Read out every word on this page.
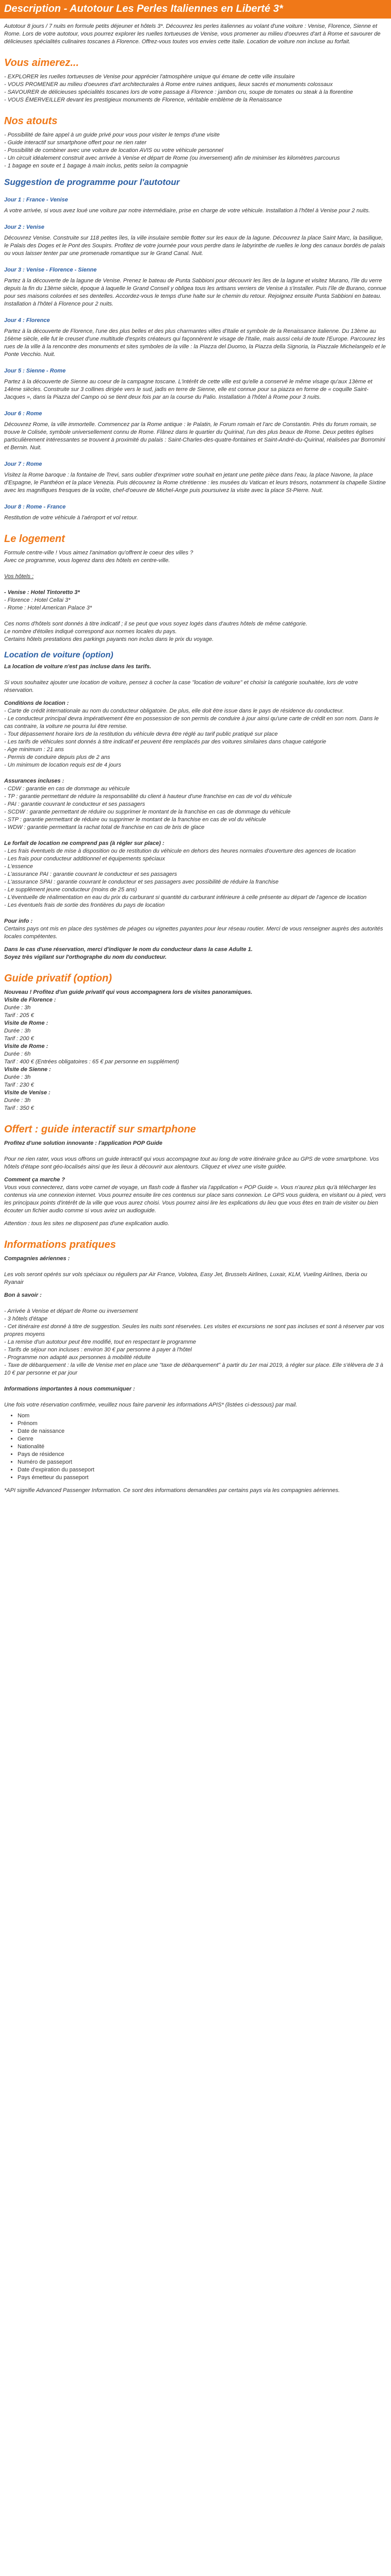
Description - Autotour Les Perles Italiennes en Liberté 3*

Autotour 8 jours / 7 nuits en formule petits déjeuner et hôtels 3*. Découvrez les perles italiennes au volant d'une voiture : Venise, Florence, Sienne et Rome. Lors de votre autotour, vous pourrez explorer les ruelles tortueuses de Venise, vous promener au milieu d'oeuvres d'art à Rome et savourer de délicieuses spécialités culinaires toscanes à Florence. Offrez-vous toutes vos envies cette Italie. Location de voiture non incluse au forfait.

Vous aimerez...

- EXPLORER les ruelles tortueuses de Venise pour apprécier l'atmosphère unique qui émane de cette ville insulaire

- VOUS PROMENER au milieu d'oeuvres d'art architecturales à Rome entre ruines antiques, lieux sacrés et monuments colossaux

- SAVOURER de délicieuses spécialités toscanes lors de votre passage à Florence : jambon cru, soupe de tomates ou steak à la florentine

- VOUS ÉMERVEILLER devant les prestigieux monuments de Florence, véritable emblème de la Renaissance

Nos atouts

- Possibilité de faire appel à un guide privé pour vous pour visiter le temps d'une visite

- Guide interactif sur smartphone offert pour ne rien rater

- Possibilité de combiner avec une voiture de location AVIS ou votre véhicule personnel

- Un circuit idéalement construit avec arrivée à Venise et départ de Rome (ou inversement) afin de minimiser les kilomètres parcourus

- 1 bagage en soute et 1 bagage à main inclus, petits selon la compagnie

Suggestion de programme pour l'autotour
Jour 1 : France - Venise

A votre arrivée, si vous avez loué une voiture par notre intermédiaire, prise en charge de votre véhicule. Installation à l'hôtel à Venise pour 2 nuits.

Jour 2 : Venise

Découvrez Venise. Construite sur 118 petites îles, la ville insulaire semble flotter sur les eaux de la lagune. Découvrez la place Saint Marc, la basilique, le Palais des Doges et le Pont des Soupirs. Profitez de votre journée pour vous perdre dans le labyrinthe de ruelles le long des canaux bordés de palais ou vous laisser tenter par une promenade romantique sur le Grand Canal. Nuit.

Jour 3 : Venise - Florence - Sienne

Partez à la découverte de la lagune de Venise. Prenez le bateau de Punta Sabbioni pour découvrir les îles de la lagune et visitez Murano, l'île du verre depuis la fin du 13ème siècle, époque à laquelle le Grand Conseil y obligea tous les artisans verriers de Venise à s'installer. Puis l'île de Burano, connue pour ses maisons colorées et ses dentelles. Accordez-vous le temps d'une halte sur le chemin du retour. Rejoignez ensuite Punta Sabbioni en bateau. Installation à l'hôtel à Florence pour 2 nuits.

Jour 4 : Florence

Partez à la découverte de Florence, l'une des plus belles et des plus charmantes villes d'Italie et symbole de la Renaissance italienne. Du 13ème au 16ème siècle, elle fut le creuset d'une multitude d'esprits créateurs qui façonnèrent le visage de l'Italie, mais aussi celui de toute l'Europe. Parcourez les rues de la ville à la rencontre des monuments et sites symboles de la ville : la Piazza del Duomo, la Piazza della Signoria, la Piazzale Michelangelo et le Ponte Vecchio. Nuit.

Jour 5 : Sienne - Rome

Partez à la découverte de Sienne au coeur de la campagne toscane. L'intérêt de cette ville est qu'elle a conservé le même visage qu'aux 13ème et 14ème siècles. Construite sur 3 collines dirigée vers le sud, jadis en terre de Sienne, elle est connue pour sa piazza en forme de « coquille Saint-Jacques », dans la Piazza del Campo où se tient deux fois par an la course du Palio. Installation à l'hôtel à Rome pour 3 nuits.

Jour 6 : Rome

Découvrez Rome, la ville immortelle. Commencez par la Rome antique : le Palatin, le Forum romain et l'arc de Constantin. Près du forum romain, se trouve le Colisée, symbole universellement connu de Rome. Flânez dans le quartier du Quirinal, l'un des plus beaux de Rome. Deux petites églises particulièrement intéressantes se trouvent à proximité du palais : Saint-Charles-des-quatre-fontaines et Saint-André-du-Quirinal, réalisées par Borromini et Bernin. Nuit.

Jour 7 : Rome

Visitez la Rome baroque : la fontaine de Trevi, sans oublier d'exprimer votre souhait en jetant une petite pièce dans l'eau, la place Navone, la place d'Espagne, le Panthéon et la place Venezia. Puis découvrez la Rome chrétienne : les musées du Vatican et leurs trésors, notamment la chapelle Sixtine avec les magnifiques fresques de la voûte, chef-d'oeuvre de Michel-Ange puis poursuivez la visite avec la place St-Pierre. Nuit.

Jour 8 : Rome - France

Restitution de votre véhicule à l'aéroport et vol retour.

Le logement

Formule centre-ville ! Vous aimez l'animation qu'offrent le coeur des villes ?

Avec ce programme, vous logerez dans des hôtels en centre-ville.

Vos hôtels :

- Venise : Hotel Tintoretto 3*

- Florence : Hotel Cellai 3*

- Rome : Hotel American Palace 3*

Ces noms d'hôtels sont donnés à titre indicatif ; il se peut que vous soyez logés dans d'autres hôtels de même catégorie.

Le nombre d'étoiles indiqué correspond aux normes locales du pays.

Certains hôtels prestations des parkings payants non inclus dans le prix du voyage.

Location de voiture (option)

La location de voiture n'est pas incluse dans les tarifs.

Si vous souhaitez ajouter une location de voiture, pensez à cocher la case "location de voiture" et choisir la catégorie souhaitée, lors de votre réservation.

Conditions de location :

- Carte de crédit internationale au nom du conducteur obligatoire. De plus, elle doit être issue dans le pays de résidence du conducteur.

- Le conducteur principal devra impérativement être en possession de son permis de conduire à jour ainsi qu'une carte de crédit en son nom. Dans le cas contraire, la voiture ne pourra lui être remise.

- Tout dépassement horaire lors de la restitution du véhicule devra être réglé au tarif public pratiqué sur place

- Les tarifs de véhicules sont donnés à titre indicatif et peuvent être remplacés par des voitures similaires dans chaque catégorie

- Age minimum : 21 ans

- Permis de conduire depuis plus de 2 ans

- Un minimum de location requis est de 4 jours

Assurances incluses :

- CDW : garantie en cas de dommage au véhicule

- TP : garantie permettant de réduire la responsabilité du client à hauteur d'une franchise en cas de vol du véhicule

- PAI : garantie couvrant le conducteur et ses passagers

- SCDW : garantie permettant de réduire ou supprimer le montant de la franchise en cas de dommage du véhicule

- STP : garantie permettant de réduire ou supprimer le montant de la franchise en cas de vol du véhicule

- WDW : garantie permettant la rachat total de franchise en cas de bris de glace

Le forfait de location ne comprend pas (à régler sur place) :

- Les frais éventuels de mise à disposition ou de restitution du véhicule en dehors des heures normales d'ouverture des agences de location

- Les frais pour conducteur additionnel et équipements spéciaux

- L'essence

- L'assurance PAI : garantie couvrant le conducteur et ses passagers

- L'assurance SPAI : garantie couvrant le conducteur et ses passagers avec possibilité de réduire la franchise

- Le supplément jeune conducteur (moins de 25 ans)

- L'éventuelle de réalimentation en eau du prix du carburant si quantité du carburant inférieure à celle présente au départ de l'agence de location

- Les éventuels frais de sortie des frontières du pays de location

Pour info :

Certains pays ont mis en place des systèmes de péages ou vignettes payantes pour leur réseau routier. Merci de vous renseigner auprès des autorités locales compétentes.

Dans le cas d'une réservation, merci d'indiquer le nom du conducteur dans la case Adulte 1.

Soyez très vigilant sur l'orthographe du nom du conducteur.

Guide privatif (option)

Nouveau ! Profitez d'un guide privatif qui vous accompagnera lors de visites panoramiques.

Visite de Florence :

Durée : 3h

Tarif : 205 €

Visite de Rome :

Durée : 3h

Tarif : 200 €

Visite de Rome :

Durée : 6h

Tarif : 400 € (Entrées obligatoires : 65 € par personne en supplément)

Visite de Sienne :

Durée : 3h

Tarif : 230 €

Visite de Venise :

Durée : 3h

Tarif : 350 €

Offert : guide interactif sur smartphone

Profitez d'une solution innovante : l'application POP Guide

Pour ne rien rater, vous vous offrons un guide interactif qui vous accompagne tout au long de votre itinéraire grâce au GPS de votre smartphone. Vos hôtels d'étape sont géo-localisés ainsi que les lieux à découvrir aux alentours. Cliquez et vivez une visite guidée.

Comment ça marche ?

Vous vous connecterez, dans votre carnet de voyage, un flash code à flasher via l'application « POP Guide ». Vous n'aurez plus qu'à télécharger les contenus via une connexion internet. Vous pourrez ensuite lire ces contenus sur place sans connexion. Le GPS vous guidera, en visitant ou à pied, vers les principaux points d'intérêt de la ville que vous aurez choisi. Vous pourrez ainsi lire les explications du lieu que vous êtes en train de visiter ou bien écouter un fichier audio comme si vous aviez un audioguide.

Attention : tous les sites ne disposent pas d'une explication audio.

Informations pratiques

Compagnies aériennes :

Les vols seront opérés sur vols spéciaux ou réguliers par Air France, Volotea, Easy Jet, Brussels Airlines, Luxair, KLM, Vueling Airlines, Iberia ou Ryanair

Bon à savoir :

- Arrivée à Venise et départ de Rome ou inversement

- 3 hôtels d'étape

- Cet itinéraire est donné à titre de suggestion. Seules les nuits sont réservées. Les visites et excursions ne sont pas incluses et sont à réserver par vos propres moyens

- La remise d'un autotour peut être modifié, tout en respectant le programme

- Tarifs de séjour non incluses : environ 30 € par personne à payer à l'hôtel

- Programme non adapté aux personnes à mobilité réduite

- Taxe de débarquement : la ville de Venise met en place une "taxe de débarquement" à partir du 1er mai 2019, à régler sur place. Elle s'élèvera de 3 à 10 € par personne et par jour

Informations importantes à nous communiquer :

Une fois votre réservation confirmée, veuillez nous faire parvenir les informations APIS* (listées ci-dessous) par mail.

• Nom
• Prénom
• Date de naissance
• Genre
• Nationalité
• Pays de résidence
• Numéro de passeport
• Date d'expiration du passeport
• Pays émetteur du passeport

*API signifie Advanced Passenger Information. Ce sont des informations demandées par certains pays via les compagnies aériennes.
